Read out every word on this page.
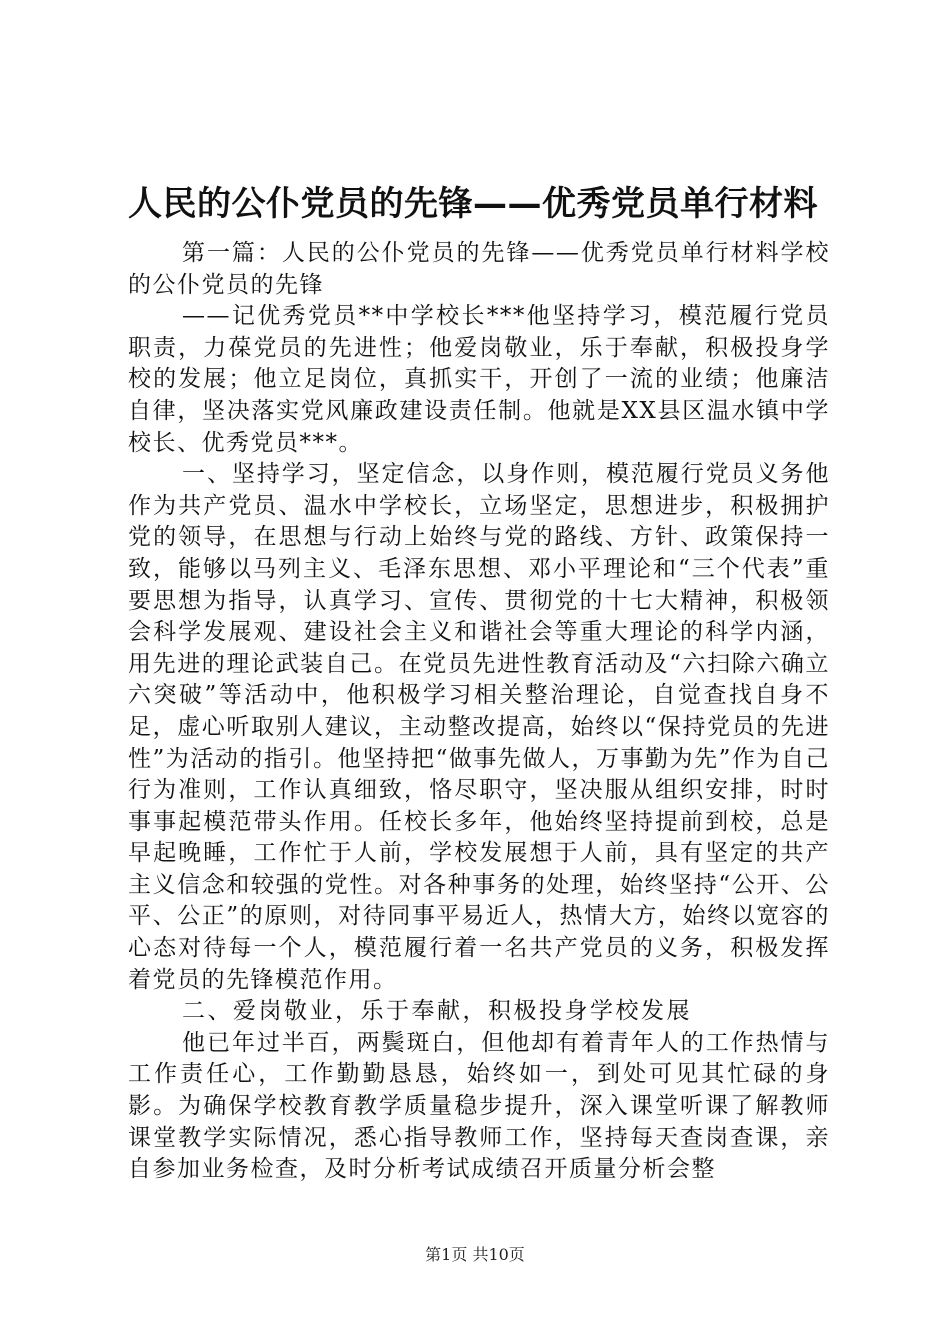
人民的公仆党员的先锋——优秀党员单行材料

第一篇：人民的公仆党员的先锋——优秀党员单行材料学校的公仆党员的先锋

——记优秀党员**中学校长***他坚持学习，模范履行党员职责，力葆党员的先进性；他爱岗敬业，乐于奉献，积极投身学校的发展；他立足岗位，真抓实干，开创了一流的业绩；他廉洁自律，坚决落实党风廉政建设责任制。他就是XX县区温水镇中学校长、优秀党员***。

一、坚持学习，坚定信念，以身作则，模范履行党员义务他作为共产党员、温水中学校长，立场坚定，思想进步，积极拥护党的领导，在思想与行动上始终与党的路线、方针、政策保持一致，能够以马列主义、毛泽东思想、邓小平理论和“三个代表”重要思想为指导，认真学习、宣传、贯彻党的十七大精神，积极领会科学发展观、建设社会主义和谐社会等重大理论的科学内涵，用先进的理论武装自己。在党员先进性教育活动及“六扫除六确立六突破”等活动中，他积极学习相关整治理论，自觉查找自身不足，虚心听取别人建议，主动整改提高，始终以“保持党员的先进性”为活动的指引。他坚持把“做事先做人，万事勤为先”作为自己行为准则，工作认真细致，恪尽职守，坚决服从组织安排，时时事事起模范带头作用。任校长多年，他始终坚持提前到校，总是早起晚睡，工作忙于人前，学校发展想于人前，具有坚定的共产主义信念和较强的党性。对各种事务的处理，始终坚持“公开、公平、公正”的原则，对待同事平易近人，热情大方，始终以宽容的心态对待每一个人，模范履行着一名共产党员的义务，积极发挥着党员的先锋模范作用。

二、爱岗敬业，乐于奉献，积极投身学校发展

他已年过半百，两鬓斑白，但他却有着青年人的工作热情与工作责任心，工作勤勤恳恳，始终如一，到处可见其忙碌的身影。为确保学校教育教学质量稳步提升，深入课堂听课了解教师课堂教学实际情况，悉心指导教师工作，坚持每天查岗查课，亲自参加业务检查，及时分析考试成绩召开质量分析会整

第1页 共10页
